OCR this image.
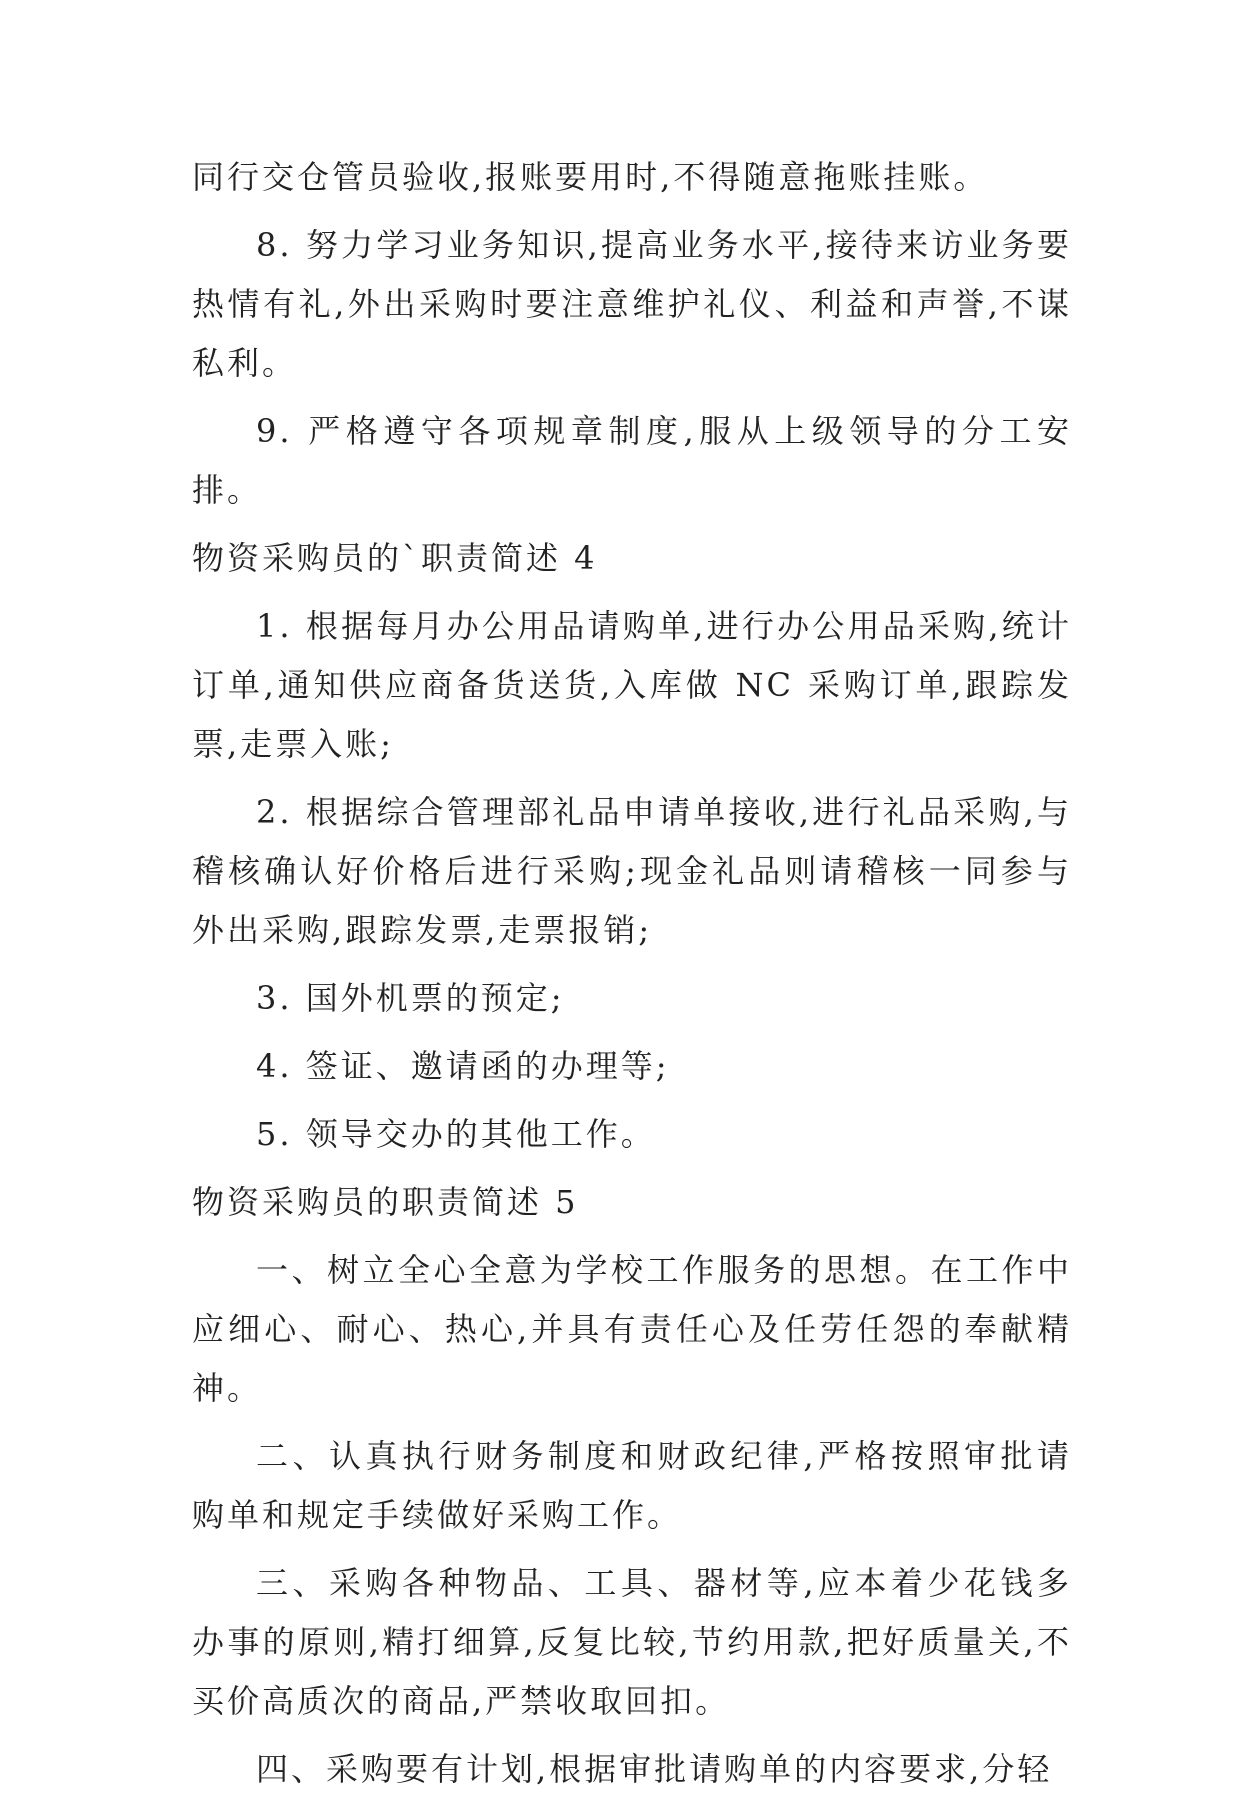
同行交仓管员验收,报账要用时,不得随意拖账挂账。

8. 努力学习业务知识,提高业务水平,接待来访业务要热情有礼,外出采购时要注意维护礼仪、利益和声誉,不谋私利。

9. 严格遵守各项规章制度,服从上级领导的分工安排。

物资采购员的`职责简述 4

1. 根据每月办公用品请购单,进行办公用品采购,统计订单,通知供应商备货送货,入库做 NC 采购订单,跟踪发票,走票入账;

2. 根据综合管理部礼品申请单接收,进行礼品采购,与稽核确认好价格后进行采购;现金礼品则请稽核一同参与外出采购,跟踪发票,走票报销;

3. 国外机票的预定;

4. 签证、邀请函的办理等;

5. 领导交办的其他工作。

物资采购员的职责简述 5

一、树立全心全意为学校工作服务的思想。在工作中应细心、耐心、热心,并具有责任心及任劳任怨的奉献精神。

二、认真执行财务制度和财政纪律,严格按照审批请购单和规定手续做好采购工作。

三、采购各种物品、工具、器材等,应本着少花钱多办事的原则,精打细算,反复比较,节约用款,把好质量关,不买价高质次的商品,严禁收取回扣。

四、采购要有计划,根据审批请购单的内容要求,分轻
